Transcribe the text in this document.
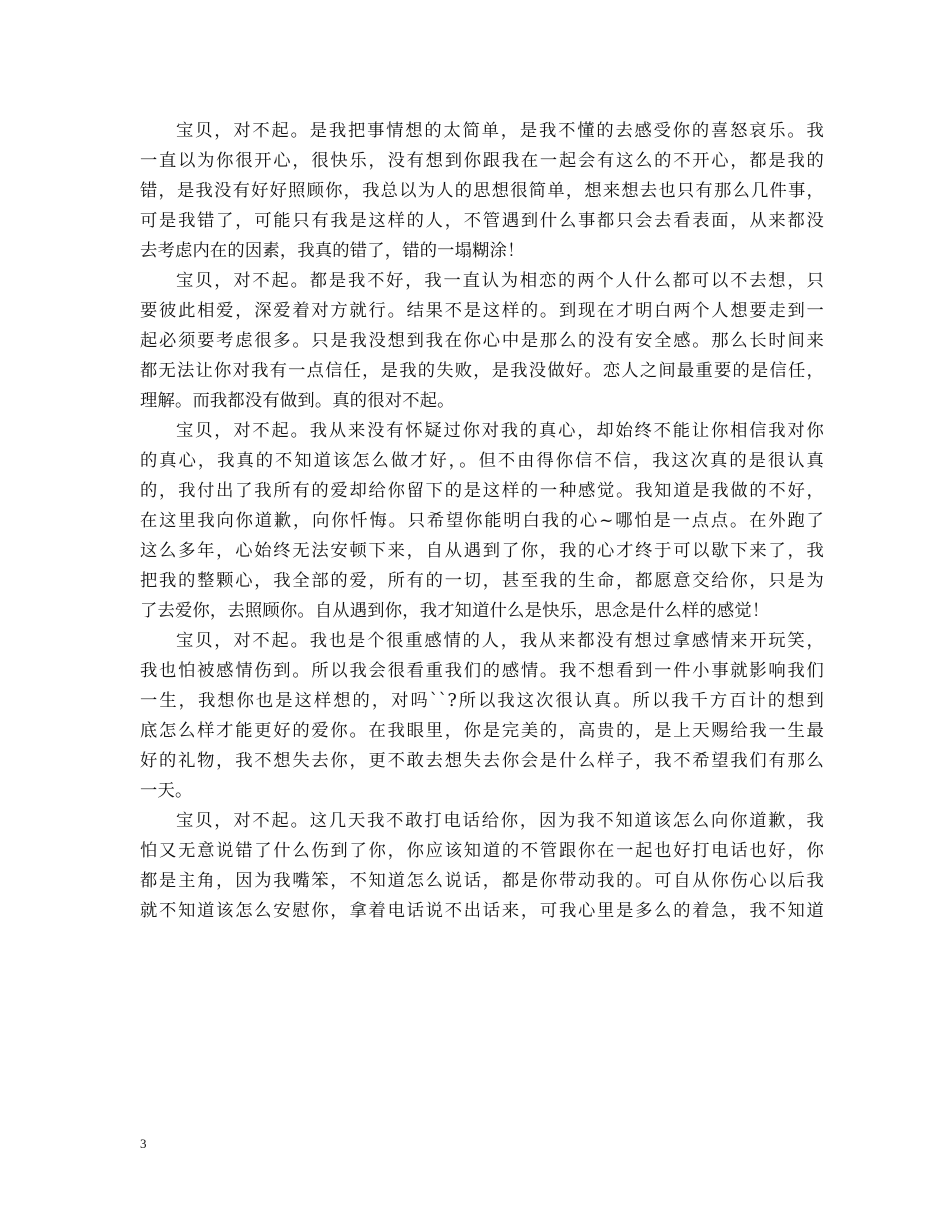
宝贝，对不起。是我把事情想的太简单，是我不懂的去感受你的喜怒哀乐。我
一直以为你很开心，很快乐，没有想到你跟我在一起会有这么的不开心，都是我的
错，是我没有好好照顾你，我总以为人的思想很简单，想来想去也只有那么几件事，
可是我错了，可能只有我是这样的人，不管遇到什么事都只会去看表面，从来都没
去考虑内在的因素，我真的错了，错的一塌糊涂！
宝贝，对不起。都是我不好，我一直认为相恋的两个人什么都可以不去想，只
要彼此相爱，深爱着对方就行。结果不是这样的。到现在才明白两个人想要走到一
起必须要考虑很多。只是我没想到我在你心中是那么的没有安全感。那么长时间来
都无法让你对我有一点信任，是我的失败，是我没做好。恋人之间最重要的是信任，
理解。而我都没有做到。真的很对不起。
宝贝，对不起。我从来没有怀疑过你对我的真心，却始终不能让你相信我对你
的真心，我真的不知道该怎么做才好，。但不由得你信不信，我这次真的是很认真
的，我付出了我所有的爱却给你留下的是这样的一种感觉。我知道是我做的不好，
在这里我向你道歉，向你忏悔。只希望你能明白我的心~哪怕是一点点。在外跑了
这么多年，心始终无法安顿下来，自从遇到了你，我的心才终于可以歇下来了，我
把我的整颗心，我全部的爱，所有的一切，甚至我的生命，都愿意交给你，只是为
了去爱你，去照顾你。自从遇到你，我才知道什么是快乐，思念是什么样的感觉！
宝贝，对不起。我也是个很重感情的人，我从来都没有想过拿感情来开玩笑，
我也怕被感情伤到。所以我会很看重我们的感情。我不想看到一件小事就影响我们
一生，我想你也是这样想的，对吗``?所以我这次很认真。所以我千方百计的想到
底怎么样才能更好的爱你。在我眼里，你是完美的，高贵的，是上天赐给我一生最
好的礼物，我不想失去你，更不敢去想失去你会是什么样子，我不希望我们有那么
一天。
宝贝，对不起。这几天我不敢打电话给你，因为我不知道该怎么向你道歉，我
怕又无意说错了什么伤到了你，你应该知道的不管跟你在一起也好打电话也好，你
都是主角，因为我嘴笨，不知道怎么说话，都是你带动我的。可自从你伤心以后我
就不知道该怎么安慰你，拿着电话说不出话来，可我心里是多么的着急，我不知道
3
